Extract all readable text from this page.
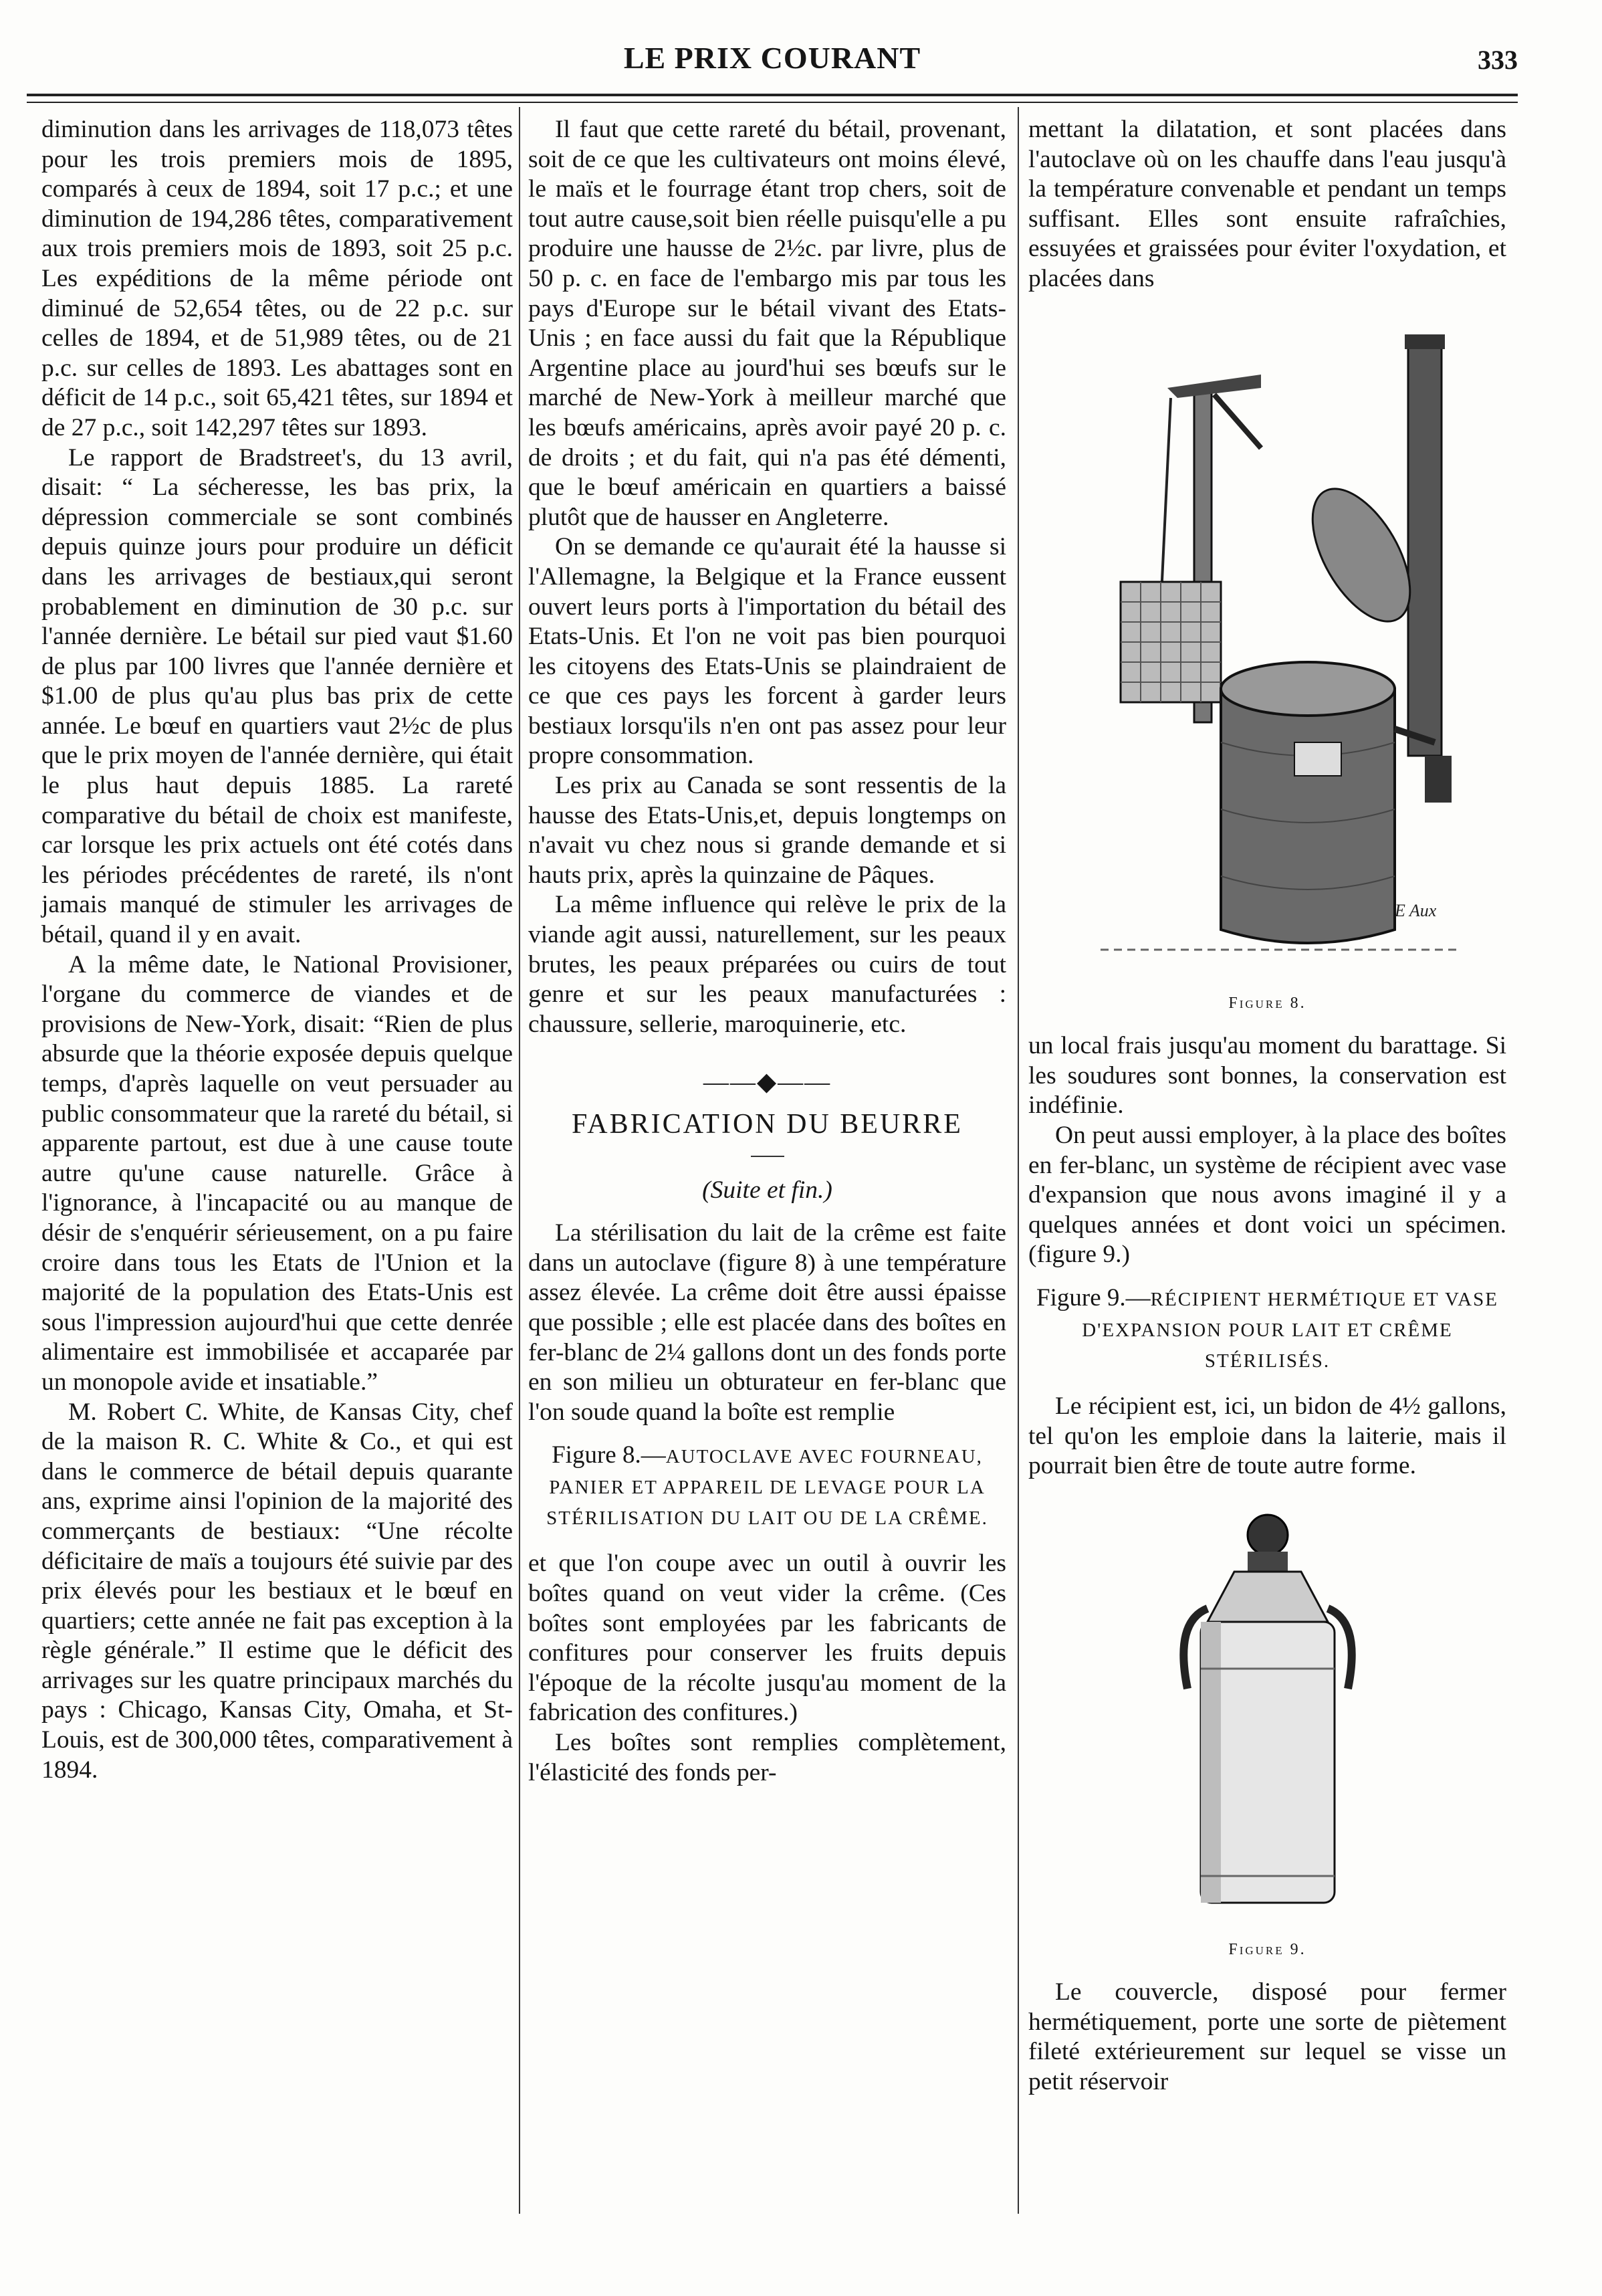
LE PRIX COURANT	333

diminution dans les arrivages de 118,073 têtes pour les trois premiers mois de 1895, comparés à ceux de 1894, soit 17 p.c.; et une diminution de 194,286 têtes, comparativement aux trois premiers mois de 1893, soit 25 p.c. Les expéditions de la même période ont diminué de 52,654 têtes, ou de 22 p.c. sur celles de 1894, et de 51,989 têtes, ou de 21 p.c. sur celles de 1893. Les abattages sont en déficit de 14 p.c., soit 65,421 têtes, sur 1894 et de 27 p.c., soit 142,297 têtes sur 1893.

Le rapport de Bradstreet's, du 13 avril, disait: “ La sécheresse, les bas prix, la dépression commerciale se sont combinés depuis quinze jours pour produire un déficit dans les arrivages de bestiaux,qui seront probablement en diminution de 30 p.c. sur l'année dernière. Le bétail sur pied vaut $1.60 de plus par 100 livres que l'année dernière et $1.00 de plus qu'au plus bas prix de cette année. Le bœuf en quartiers vaut 2½c de plus que le prix moyen de l'année dernière, qui était le plus haut depuis 1885. La rareté comparative du bétail de choix est manifeste, car lorsque les prix actuels ont été cotés dans les périodes précédentes de rareté, ils n'ont jamais manqué de stimuler les arrivages de bétail, quand il y en avait.

A la même date, le National Provisioner, l'organe du commerce de viandes et de provisions de New-York, disait: “Rien de plus absurde que la théorie exposée depuis quelque temps, d'après laquelle on veut persuader au public consommateur que la rareté du bétail, si apparente partout, est due à une cause toute autre qu'une cause naturelle. Grâce à l'ignorance, à l'incapacité ou au manque de désir de s'enquérir sérieusement, on a pu faire croire dans tous les Etats de l'Union et la majorité de la population des Etats-Unis est sous l'impression aujourd'hui que cette denrée alimentaire est immobilisée et accaparée par un monopole avide et insatiable.”

M. Robert C. White, de Kansas City, chef de la maison R. C. White & Co., et qui est dans le commerce de bétail depuis quarante ans, exprime ainsi l'opinion de la majorité des commerçants de bestiaux: “Une récolte déficitaire de maïs a toujours été suivie par des prix élevés pour les bestiaux et le bœuf en quartiers; cette année ne fait pas exception à la règle générale.” Il estime que le déficit des arrivages sur les quatre principaux marchés du pays : Chicago, Kansas City, Omaha, et St-Louis, est de 300,000 têtes, comparativement à 1894.

Il faut que cette rareté du bétail, provenant, soit de ce que les cultivateurs ont moins élevé, le maïs et le fourrage étant trop chers, soit de tout autre cause,soit bien réelle puisqu'elle a pu produire une hausse de 2½c. par livre, plus de 50 p. c. en face de l'embargo mis par tous les pays d'Europe sur le bétail vivant des Etats-Unis ; en face aussi du fait que la République Argentine place au jourd'hui ses bœufs sur le marché de New-York à meilleur marché que les bœufs américains, après avoir payé 20 p. c. de droits ; et du fait, qui n'a pas été démenti, que le bœuf américain en quartiers a baissé plutôt que de hausser en Angleterre.

On se demande ce qu'aurait été la hausse si l'Allemagne, la Belgique et la France eussent ouvert leurs ports à l'importation du bétail des Etats-Unis. Et l'on ne voit pas bien pourquoi les citoyens des Etats-Unis se plaindraient de ce que ces pays les forcent à garder leurs bestiaux lorsqu'ils n'en ont pas assez pour leur propre consommation.

Les prix au Canada se sont ressentis de la hausse des Etats-Unis,et, depuis longtemps on n'avait vu chez nous si grande demande et si hauts prix, après la quinzaine de Pâques.

La même influence qui relève le prix de la viande agit aussi, naturellement, sur les peaux brutes, les peaux préparées ou cuirs de tout genre et sur les peaux manufacturées : chaussure, sellerie, maroquinerie, etc.

——◆——
FABRICATION DU BEURRE
(Suite et fin.)

La stérilisation du lait de la crême est faite dans un autoclave (figure 8) à une température assez élevée. La crême doit être aussi épaisse que possible ; elle est placée dans des boîtes en fer-blanc de 2¼ gallons dont un des fonds porte en son milieu un obturateur en fer-blanc que l'on soude quand la boîte est remplie

Figure 8.—AUTOCLAVE AVEC FOURNEAU, PANIER ET APPAREIL DE LEVAGE POUR LA STÉRILISATION DU LAIT OU DE LA CRÊME.

et que l'on coupe avec un outil à ouvrir les boîtes quand on veut vider la crême. (Ces boîtes sont employées par les fabricants de confitures pour conserver les fruits depuis l'époque de la récolte jusqu'au moment de la fabrication des confitures.)

Les boîtes sont remplies complètement, l'élasticité des fonds per-

mettant la dilatation, et sont placées dans l'autoclave où on les chauffe dans l'eau jusqu'à la température convenable et pendant un temps suffisant. Elles sont ensuite rafraîchies, essuyées et graissées pour éviter l'oxydation, et placées dans

E Aux
Figure 8.

un local frais jusqu'au moment du barattage. Si les soudures sont bonnes, la conservation est indéfinie.

On peut aussi employer, à la place des boîtes en fer-blanc, un système de récipient avec vase d'expansion que nous avons imaginé il y a quelques années et dont voici un spécimen. (figure 9.)

Figure 9.—RÉCIPIENT HERMÉTIQUE ET VASE D'EXPANSION POUR LAIT ET CRÊME STÉRILISÉS.

Le récipient est, ici, un bidon de 4½ gallons, tel qu'on les emploie dans la laiterie, mais il pourrait bien être de toute autre forme.

Figure 9.

Le couvercle, disposé pour fermer hermétiquement, porte une sorte de piètement fileté extérieurement sur lequel se visse un petit réservoir
